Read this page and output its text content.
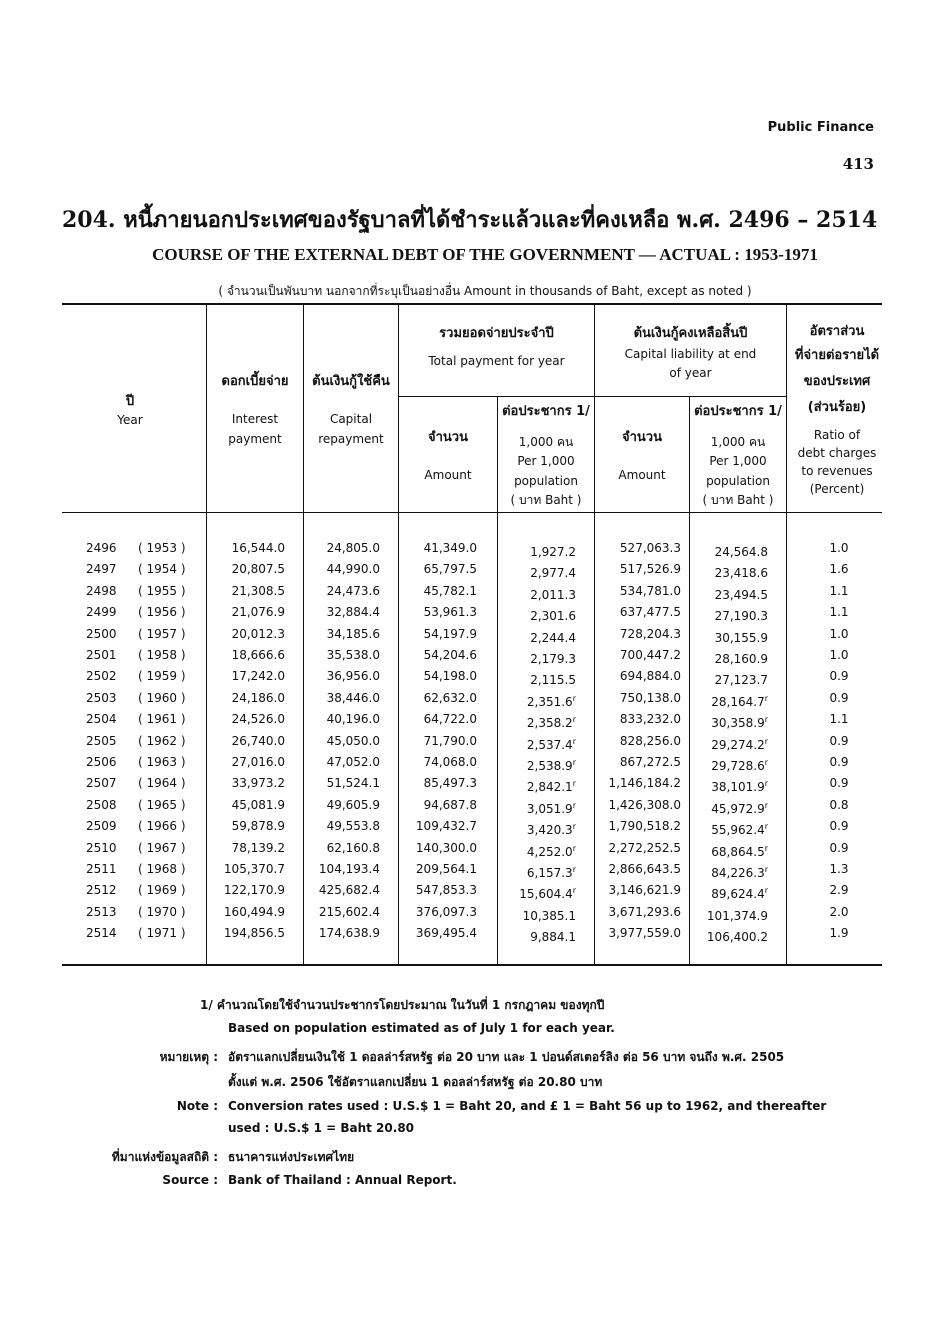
Public Finance
413
204. หนี้ภายนอกประเทศของรัฐบาลที่ได้ชำระแล้วและที่คงเหลือ พ.ศ. 2496 – 2514
COURSE OF THE EXTERNAL DEBT OF THE GOVERNMENT — ACTUAL : 1953-1971
( จำนวนเป็นพันบาท นอกจากที่ระบุเป็นอย่างอื่น Amount in thousands of Baht, except as noted )
ปี
Year
ดอกเบี้ยจ่าย
Interest
payment
ต้นเงินกู้ใช้คืน
Capital
repayment
รวมยอดจ่ายประจำปี
Total payment for year
ต้นเงินกู้คงเหลือสิ้นปี
Capital liability at end
of year
จำนวน
Amount
ต่อประชากร 1/
1,000 คน
Per 1,000
population
( บาท Baht )
จำนวน
Amount
ต่อประชากร 1/
1,000 คน
Per 1,000
population
( บาท Baht )
อัตราส่วน
ที่จ่ายต่อรายได้
ของประเทศ
(ส่วนร้อย)
Ratio of
debt charges
to revenues
(Percent)
2496	( 1953 )	16,544.0	24,805.0	41,349.0	1,927.2	527,063.3	24,564.8	1.0
2497	( 1954 )	20,807.5	44,990.0	65,797.5	2,977.4	517,526.9	23,418.6	1.6
2498	( 1955 )	21,308.5	24,473.6	45,782.1	2,011.3	534,781.0	23,494.5	1.1
2499	( 1956 )	21,076.9	32,884.4	53,961.3	2,301.6	637,477.5	27,190.3	1.1
2500	( 1957 )	20,012.3	34,185.6	54,197.9	2,244.4	728,204.3	30,155.9	1.0
2501	( 1958 )	18,666.6	35,538.0	54,204.6	2,179.3	700,447.2	28,160.9	1.0
2502	( 1959 )	17,242.0	36,956.0	54,198.0	2,115.5	694,884.0	27,123.7	0.9
2503	( 1960 )	24,186.0	38,446.0	62,632.0	2,351.6$^r$	750,138.0	28,164.7$^r$	0.9
2504	( 1961 )	24,526.0	40,196.0	64,722.0	2,358.2$^r$	833,232.0	30,358.9$^r$	1.1
2505	( 1962 )	26,740.0	45,050.0	71,790.0	2,537.4$^r$	828,256.0	29,274.2$^r$	0.9
2506	( 1963 )	27,016.0	47,052.0	74,068.0	2,538.9$^r$	867,272.5	29,728.6$^r$	0.9
2507	( 1964 )	33,973.2	51,524.1	85,497.3	2,842.1$^r$	1,146,184.2	38,101.9$^r$	0.9
2508	( 1965 )	45,081.9	49,605.9	94,687.8	3,051.9$^r$	1,426,308.0	45,972.9$^r$	0.8
2509	( 1966 )	59,878.9	49,553.8	109,432.7	3,420.3$^r$	1,790,518.2	55,962.4$^r$	0.9
2510	( 1967 )	78,139.2	62,160.8	140,300.0	4,252.0$^r$	2,272,252.5	68,864.5$^r$	0.9
2511	( 1968 )	105,370.7	104,193.4	209,564.1	6,157.3$^r$	2,866,643.5	84,226.3$^r$	1.3
2512	( 1969 )	122,170.9	425,682.4	547,853.3	15,604.4$^r$	3,146,621.9	89,624.4$^r$	2.9
2513	( 1970 )	160,494.9	215,602.4	376,097.3	10,385.1	3,671,293.6	101,374.9	2.0
2514	( 1971 )	194,856.5	174,638.9	369,495.4	9,884.1	3,977,559.0	106,400.2	1.9
1/ คำนวณโดยใช้จำนวนประชากรโดยประมาณ ในวันที่ 1 กรกฎาคม ของทุกปี
Based on population estimated as of July 1 for each year.
หมายเหตุ : อัตราแลกเปลี่ยนเงินใช้ 1 ดอลล่าร์สหรัฐ ต่อ 20 บาท และ 1 ปอนด์สเตอร์ลิง ต่อ 56 บาท จนถึง พ.ศ. 2505
ตั้งแต่ พ.ศ. 2506 ใช้อัตราแลกเปลี่ยน 1 ดอลล่าร์สหรัฐ ต่อ 20.80 บาท
Note : Conversion rates used : U.S.$ 1 = Baht 20, and £ 1 = Baht 56 up to 1962, and thereafter
used : U.S.$ 1 = Baht 20.80
ที่มาแห่งข้อมูลสถิติ : ธนาคารแห่งประเทศไทย
Source : Bank of Thailand : Annual Report.
